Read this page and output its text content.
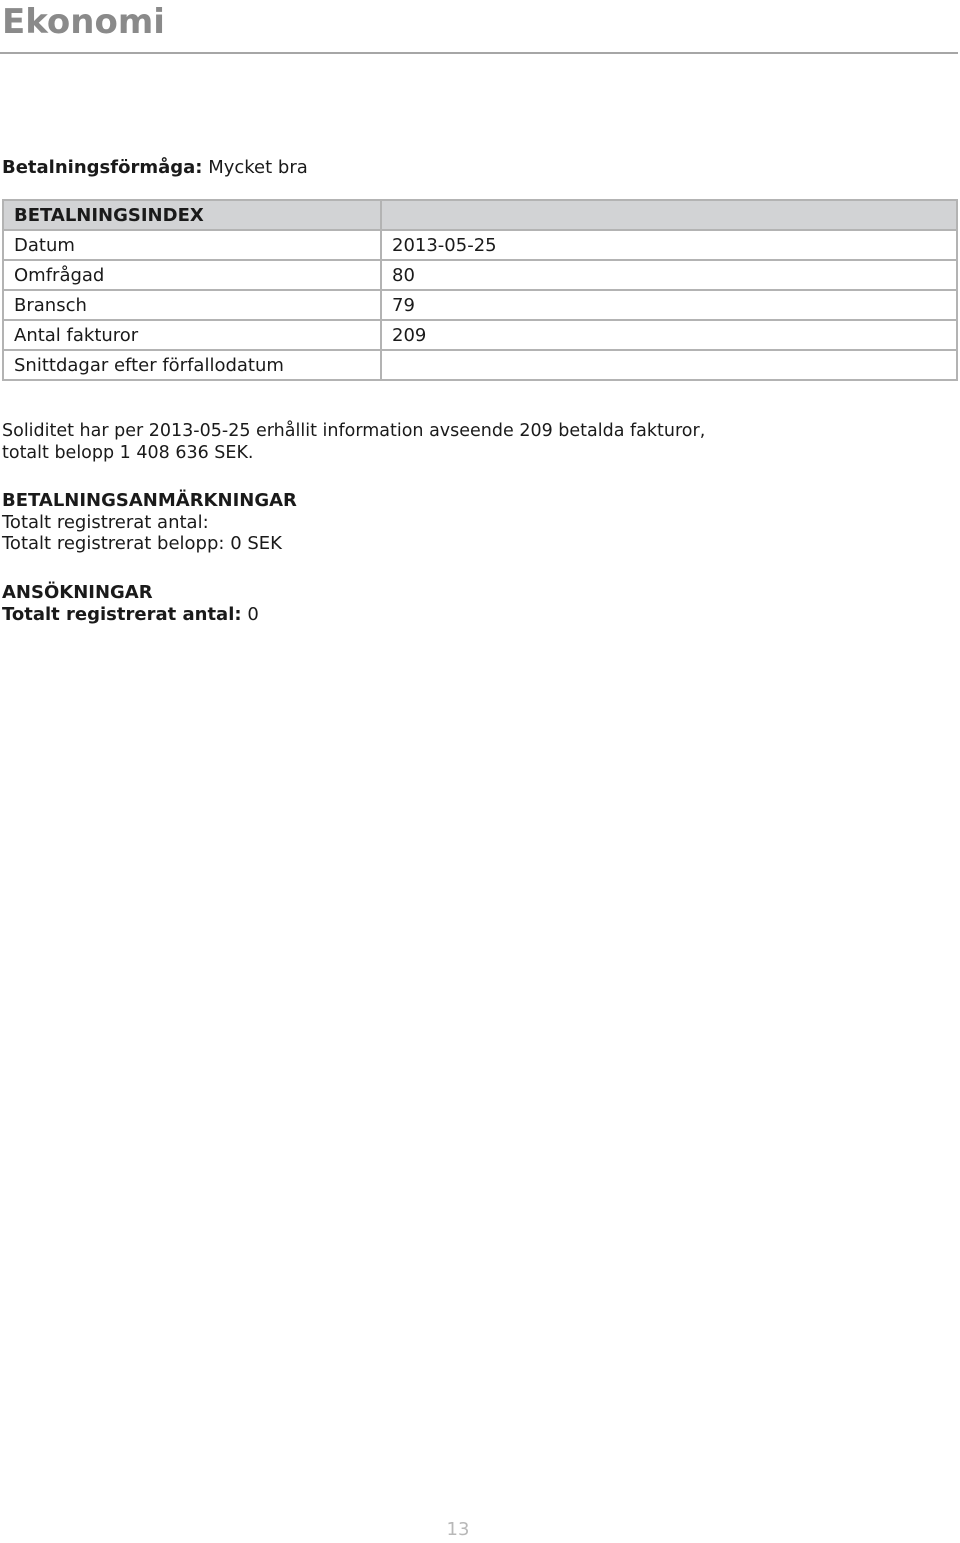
Ekonomi
Betalningsförmåga: Mycket bra
BETALNINGSINDEX	
Datum	2013-05-25
Omfrågad	80
Bransch	79
Antal fakturor	209
Snittdagar efter förfallodatum	
Soliditet har per 2013-05-25 erhållit information avseende 209 betalda fakturor,
totalt belopp 1 408 636 SEK.
BETALNINGSANMÄRKNINGAR
Totalt registrerat antal:
Totalt registrerat belopp: 0 SEK
ANSÖKNINGAR
Totalt registrerat antal: 0
13
